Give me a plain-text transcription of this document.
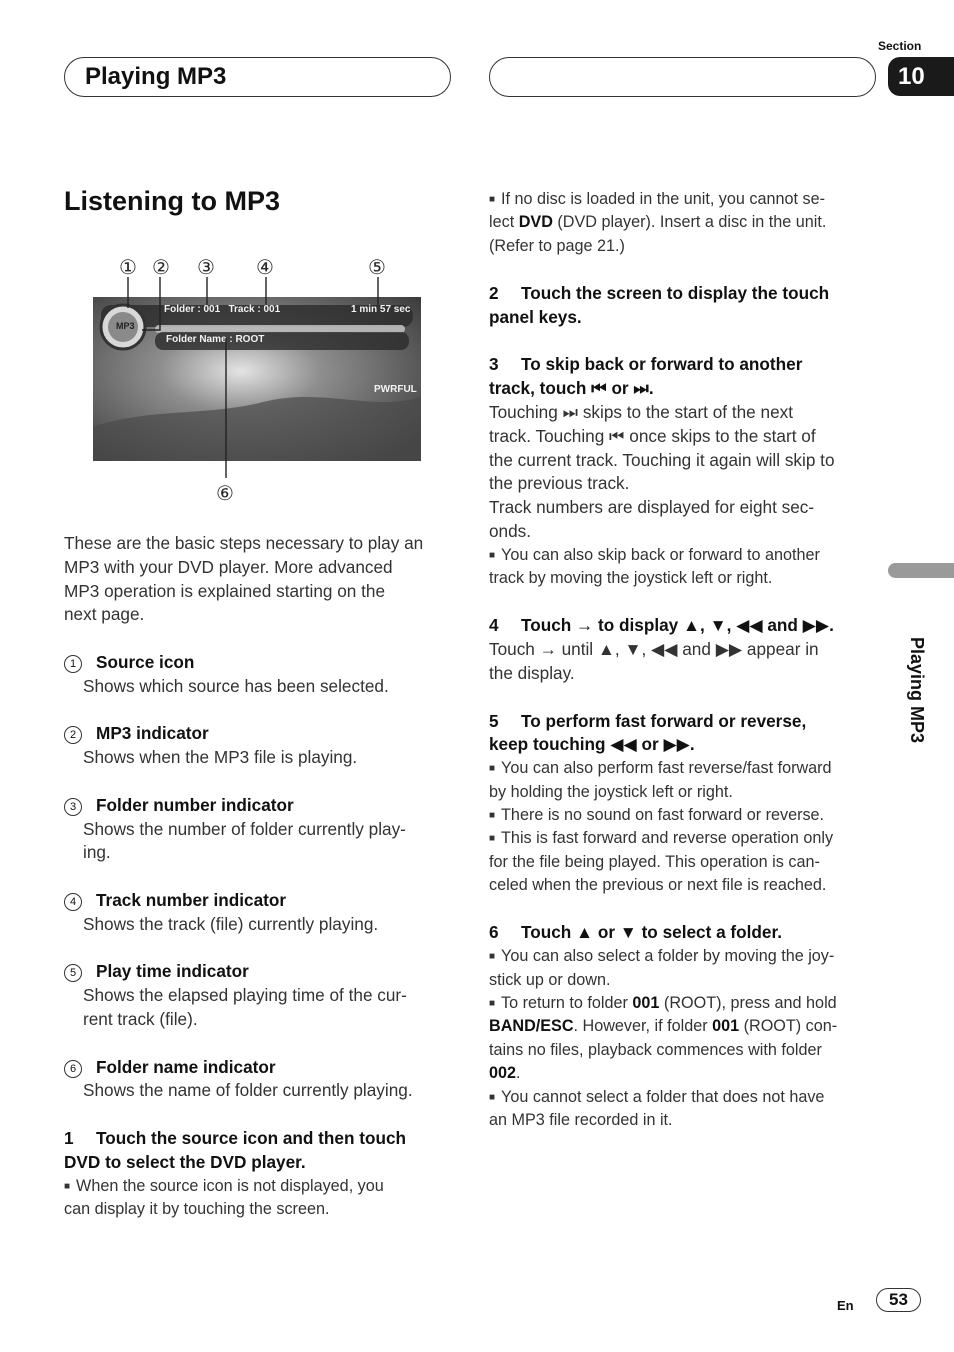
Playing MP3
Section
10
Playing MP3
Listening to MP3
① ② ③ ④	⑤
⑥
Folder : 001   Track : 001	1 min 57 sec
Folder Name : ROOT
MP3
PWRFUL

These are the basic steps necessary to play an

MP3 with your DVD player. More advanced

MP3 operation is explained starting on the

next page.

1 Source icon

Shows which source has been selected.

2 MP3 indicator

Shows when the MP3 file is playing.

3 Folder number indicator

Shows the number of folder currently play-

ing.

4 Track number indicator

Shows the track (file) currently playing.

5 Play time indicator

Shows the elapsed playing time of the cur-

rent track (file).

6 Folder name indicator

Shows the name of folder currently playing.

1 Touch the source icon and then touch

DVD to select the DVD player.

■ When the source icon is not displayed, you

can display it by touching the screen.

■ If no disc is loaded in the unit, you cannot se-

lect DVD (DVD player). Insert a disc in the unit.

(Refer to page 21.)

2 Touch the screen to display the touch

panel keys.

3 To skip back or forward to another

track, touch ⏮ or ⏭.

Touching ⏭ skips to the start of the next

track. Touching ⏮ once skips to the start of

the current track. Touching it again will skip to

the previous track.

Track numbers are displayed for eight sec-

onds.

■ You can also skip back or forward to another

track by moving the joystick left or right.

4 Touch → to display ▲, ▼, ◀◀ and ▶▶.

Touch → until ▲, ▼, ◀◀ and ▶▶ appear in

the display.

5 To perform fast forward or reverse,

keep touching ◀◀ or ▶▶.

■ You can also perform fast reverse/fast forward

by holding the joystick left or right.

■ There is no sound on fast forward or reverse.

■ This is fast forward and reverse operation only

for the file being played. This operation is can-

celed when the previous or next file is reached.

6 Touch ▲ or ▼ to select a folder.

■ You can also select a folder by moving the joy-

stick up or down.

■ To return to folder 001 (ROOT), press and hold

BAND/ESC. However, if folder 001 (ROOT) con-

tains no files, playback commences with folder

002.

■ You cannot select a folder that does not have

an MP3 file recorded in it.

En	53
